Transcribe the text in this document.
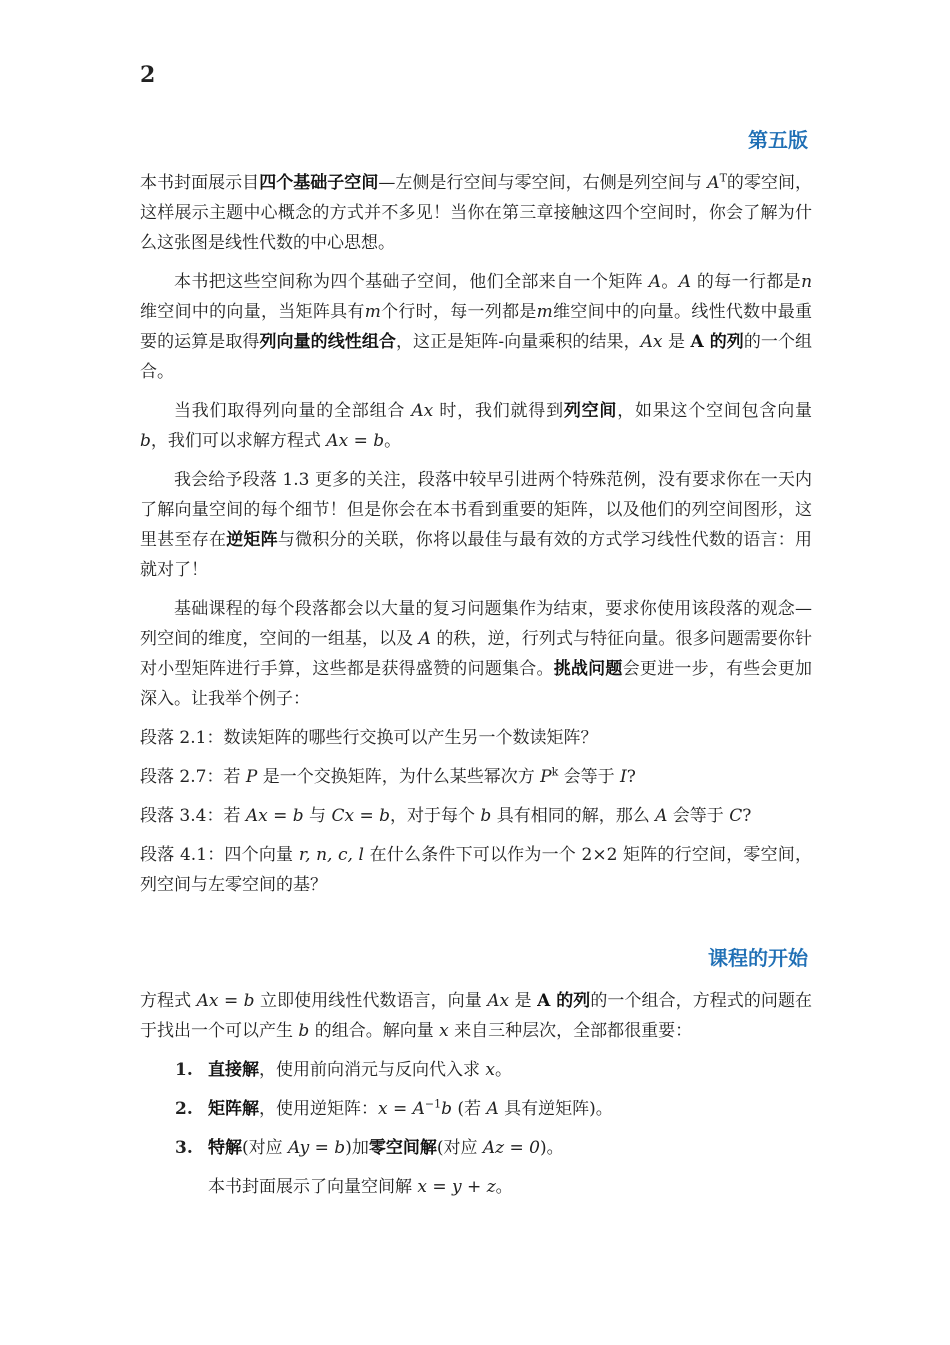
2
第五版

本书封面展示目四个基础子空间—左侧是行空间与零空间，右侧是列空间与 $A^T$的零空间，这样展示主题中心概念的方式并不多见！当你在第三章接触这四个空间时，你会了解为什么这张图是线性代数的中心思想。

本书把这些空间称为四个基础子空间，他们全部来自一个矩阵 A。A 的每一行都是n维空间中的向量，当矩阵具有m个行时，每一列都是m维空间中的向量。线性代数中最重要的运算是取得列向量的线性组合，这正是矩阵-向量乘积的结果，Ax 是 A 的列的一个组合。

当我们取得列向量的全部组合 Ax 时，我们就得到列空间，如果这个空间包含向量 b，我们可以求解方程式 Ax = b。

我会给予段落 1.3 更多的关注，段落中较早引进两个特殊范例，没有要求你在一天内了解向量空间的每个细节！但是你会在本书看到重要的矩阵，以及他们的列空间图形，这里甚至存在逆矩阵与微积分的关联，你将以最佳与最有效的方式学习线性代数的语言：用就对了！

基础课程的每个段落都会以大量的复习问题集作为结束，要求你使用该段落的观念—列空间的维度，空间的一组基，以及 A 的秩，逆，行列式与特征向量。很多问题需要你针对小型矩阵进行手算，这些都是获得盛赞的问题集合。挑战问题会更进一步，有些会更加深入。让我举个例子：

段落 2.1：数读矩阵的哪些行交换可以产生另一个数读矩阵？

段落 2.7：若 P 是一个交换矩阵，为什么某些幂次方 $P^k$ 会等于 I?

段落 3.4：若 Ax = b 与 Cx = b，对于每个 b 具有相同的解，那么 A 会等于 C?

段落 4.1：四个向量 r, n, c, l 在什么条件下可以作为一个 2×2 矩阵的行空间，零空间，列空间与左零空间的基？

课程的开始

方程式 Ax = b 立即使用线性代数语言，向量 Ax 是 A 的列的一个组合，方程式的问题在于找出一个可以产生 b 的组合。解向量 x 来自三种层次，全部都很重要：

1. 直接解，使用前向消元与反向代入求 x。
2. 矩阵解，使用逆矩阵：$x = A^{-1}b$ (若 A 具有逆矩阵)。
3. 特解(对应 Ay = b)加零空间解(对应 Az = 0)。

本书封面展示了向量空间解 x = y + z。
